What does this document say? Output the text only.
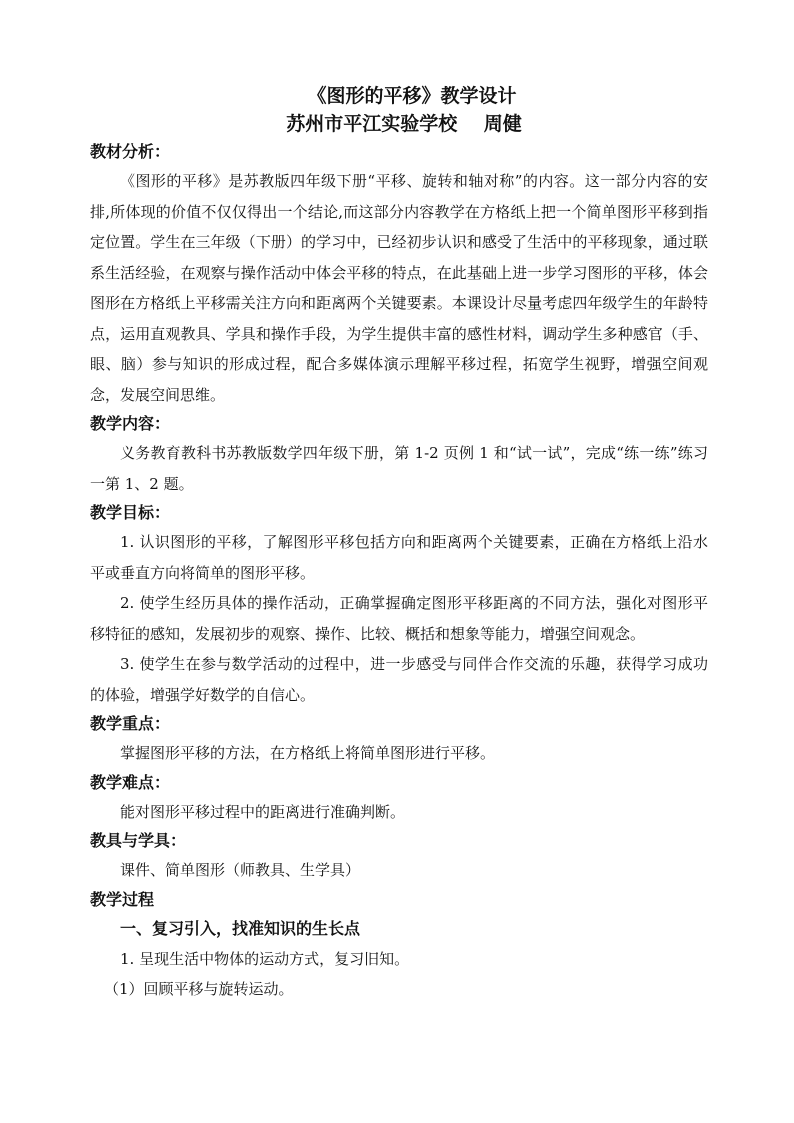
《图形的平移》教学设计

苏州市平江实验学校    周健

教材分析：

《图形的平移》是苏教版四年级下册“平移、旋转和轴对称”的内容。这一部分内容的安排,所体现的价值不仅仅得出一个结论,而这部分内容教学在方格纸上把一个简单图形平移到指定位置。学生在三年级（下册）的学习中，已经初步认识和感受了生活中的平移现象，通过联系生活经验，在观察与操作活动中体会平移的特点，在此基础上进一步学习图形的平移，体会图形在方格纸上平移需关注方向和距离两个关键要素。本课设计尽量考虑四年级学生的年龄特点，运用直观教具、学具和操作手段，为学生提供丰富的感性材料，调动学生多种感官（手、眼、脑）参与知识的形成过程，配合多媒体演示理解平移过程，拓宽学生视野，增强空间观念，发展空间思维。

教学内容：

义务教育教科书苏教版数学四年级下册，第 1-2 页例 1 和“试一试”，完成“练一练”练习一第 1、2 题。

教学目标：

1. 认识图形的平移，了解图形平移包括方向和距离两个关键要素，正确在方格纸上沿水平或垂直方向将简单的图形平移。

2. 使学生经历具体的操作活动，正确掌握确定图形平移距离的不同方法，强化对图形平移特征的感知，发展初步的观察、操作、比较、概括和想象等能力，增强空间观念。

3. 使学生在参与数学活动的过程中，进一步感受与同伴合作交流的乐趣，获得学习成功的体验，增强学好数学的自信心。

教学重点：

掌握图形平移的方法，在方格纸上将简单图形进行平移。

教学难点：

能对图形平移过程中的距离进行准确判断。

教具与学具：

课件、简单图形（师教具、生学具）

教学过程

一、复习引入，找准知识的生长点

1. 呈现生活中物体的运动方式，复习旧知。

（1）回顾平移与旋转运动。
